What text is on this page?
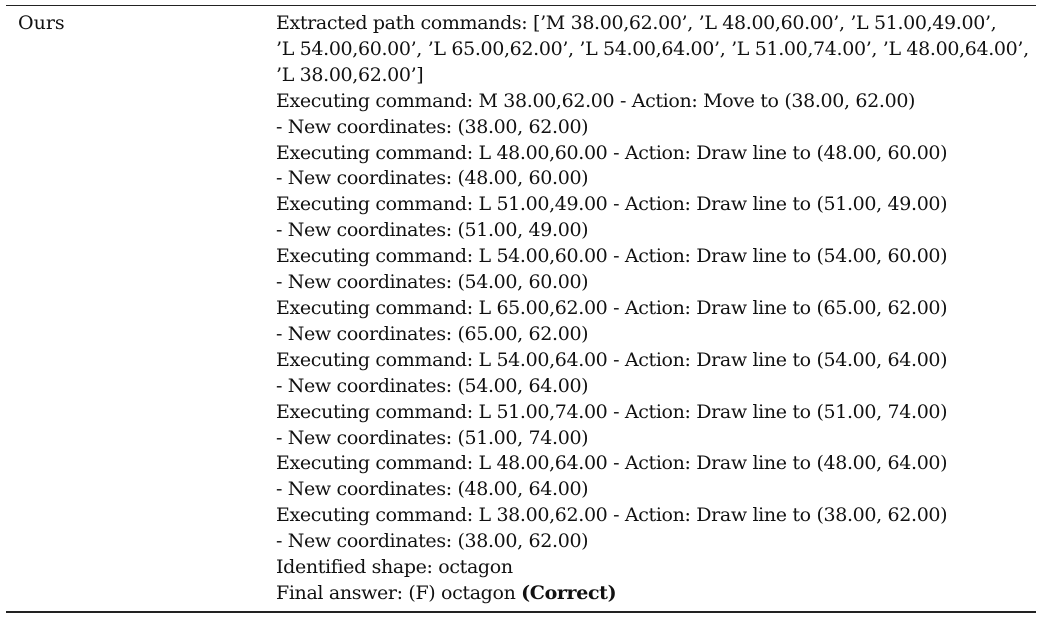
Ours	Extracted path commands: [’M 38.00,62.00’, ’L 48.00,60.00’, ’L 51.00,49.00’,
’L 54.00,60.00’, ’L 65.00,62.00’, ’L 54.00,64.00’, ’L 51.00,74.00’, ’L 48.00,64.00’,
’L 38.00,62.00’]
Executing command: M 38.00,62.00 - Action: Move to (38.00, 62.00)
- New coordinates: (38.00, 62.00)
Executing command: L 48.00,60.00 - Action: Draw line to (48.00, 60.00)
- New coordinates: (48.00, 60.00)
Executing command: L 51.00,49.00 - Action: Draw line to (51.00, 49.00)
- New coordinates: (51.00, 49.00)
Executing command: L 54.00,60.00 - Action: Draw line to (54.00, 60.00)
- New coordinates: (54.00, 60.00)
Executing command: L 65.00,62.00 - Action: Draw line to (65.00, 62.00)
- New coordinates: (65.00, 62.00)
Executing command: L 54.00,64.00 - Action: Draw line to (54.00, 64.00)
- New coordinates: (54.00, 64.00)
Executing command: L 51.00,74.00 - Action: Draw line to (51.00, 74.00)
- New coordinates: (51.00, 74.00)
Executing command: L 48.00,64.00 - Action: Draw line to (48.00, 64.00)
- New coordinates: (48.00, 64.00)
Executing command: L 38.00,62.00 - Action: Draw line to (38.00, 62.00)
- New coordinates: (38.00, 62.00)
Identified shape: octagon
Final answer: (F) octagon (Correct)
